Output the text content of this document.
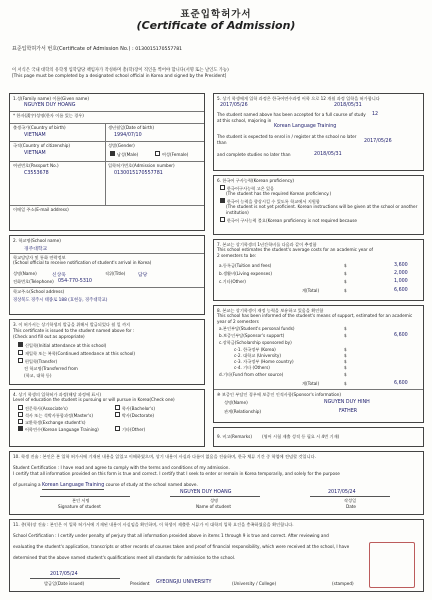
표준입학허가서
(Certificate of Admission)
표준입학허가서 번호(Certificate of Admission No.) : 0130015170557781
이 서식은 국내 대학의 유학생 입학담당 책임자가 작성하며 총(학)장이 직인을 찍어야 합니다(서명 또는 날인도 가능)
[This page must be completed by a designated school official in Korea and signed by the President]
1.성(Family name) 이름(Given name)
NGUYEN DUY HOANG
* 한자(漢字)성명(한자 이름 있는 경우)
출생국가(Country of birth)
VIETNAM
생년월일(Date of birth)
1994/07/10
국적(Country of citizenship)
VIETNAM
성별(Gender)
남성(Male)	여성(Female)
여권번호(Passport No.)
C3553678
입학허가번호(Admission number)
0130015170557781
이메일 주소(E-mail address)
2. 학교명(School name)
경주대학교
학교담당자 및 통화 연락정보
(School official to receive notification of student's arrival in Korea)
성명(Name)	신상욱	직위(Title)	담당
전화번호(Telephone) 054-770-5310
학교주소(School address)
경상북도 경주시 태종로 188 (효현동, 경주대학교)
3. 이 허가서는 상기학생의 발급을 위해서 발급되었다 월 일 까지
This certificate is issued to the student named above for :
(Check and fill out as appropriate)
신입학(Initial attendance at this school)
재입학 또는 복학(Continued attendance at this school)
편입학(Transfer)
전 학교명(Transferred from
(학교, 대학 등)
4. 상기 학생의 입학허가 과정(해당 과정에 표시)
Level of education the student is pursuing or will pursue in Korea(Check one)
전문학사(Associate's)	학사(Bachelor's)
석사 또는 석박사통합과정(Master's)	박사(Doctorate)
교환학생(Exchange student's)
어학연수(Korean Language Training)	기타(Other)
5. 상기 학생에게 입학 과정은 한국어연수과정 어학 으로 12 개월 과정 입학을 허가함니다
2017/05/26	2018/05/31
The student named above has been accepted for a full course of study at this school, majoring in
12
Korean Language Training
The student is expected to enrol in / register at the school no later than	2017/05/26
and complete studies no later than	2018/05/31
6. 한국어 구사능력(Korean proficiency)
한국어구사능력 고온 있음
(The student has the required Korean proficiency.)
한국어 능력을 향상시킬 수 있도록 학교에서 지원함
(The student is not yet proficient. Korean instructions will be given at the school or another institution)
한국어 구사능력 불요(Korean proficiency is not required because
7. 본교는 상기학생의 1년간학비를 다음과 같이 추정함
This school estimates the student's average costs for an academic year of 2 semesters to be:
a.등록금(Tuition and fees)	$	3,600
b.생활비(Living expenses)	$	2,000
c.기타(Other)	$	1,000
계(Total)	$	6,600
8. 본교는 상기학생이 재정 능력을 보유하고 있음을 확인함
This school has been informed of the student's means of support, estimated for an academic year of 2 semesters
a.본인부담(Student's personal funds)	$
b.보증인부담(Sponsor's support)	$	6,600
c.장학금(Scholarship sponsored by)
c-1. 한국정부 (Korea)	$
c-2. 대학교 (University)	$
c-3. 자국정부 (Home country)	$
c-4. 기타 (Others)	$
d.기타(Fund from other source)	$
계(Total)	$	6,600
※ 보증인 부담인 경우에 보증인 인적사항(Sponsor's information)
성명(Name)	NGUYEN DUY HINH
관계(Relationship)	FATHER
9. 비고(Remarks) (영어 시험 제출 성적 등 필요 시 4번 기재)
10. 학생 진술 : 본인은 본 입학 허가서에 기재된 내용을 읽었고 이해하였으며, 상기 내용이 사실과 다름이 없음을 진술하며, 한국 체류 기간 중 학업에 전념할 것입니다.
Student Certification : I have read and agree to comply with the terms and conditions of my admission.
I certify that all information provided on this form is true and correct. I certify that I seek to enter or remain in Korea temporarily, and solely for the purpose
of pursuing a Korean Language Training course of study at the school named above.
NGUYEN DUY HOANG	2017/05/24
본인 서명	성명	작성일
Signature of student	Name of student	Date
11. 총(학)장 진술 : 본인은 이 입학 허가서에 기재된 내용이 사실임을 확인하며, 이 학생이 제출한 서류가 이 대학의 입학 요건을 충족하였음을 확인합니다.
School Certification : I certify under penalty of perjury that all information provided above in items 1 through 9 is true and correct. After reviewing and
evaluating the student's application, transcripts or other records of courses taken and proof of financial responsibility, which were received at the school, I have
determined that the above named student's qualifications meet all standards for admission to the school.
2017/05/24
발급일(Date issued)	President GYEONGJU UNIVERSITY	(University / College)	(stamped)
